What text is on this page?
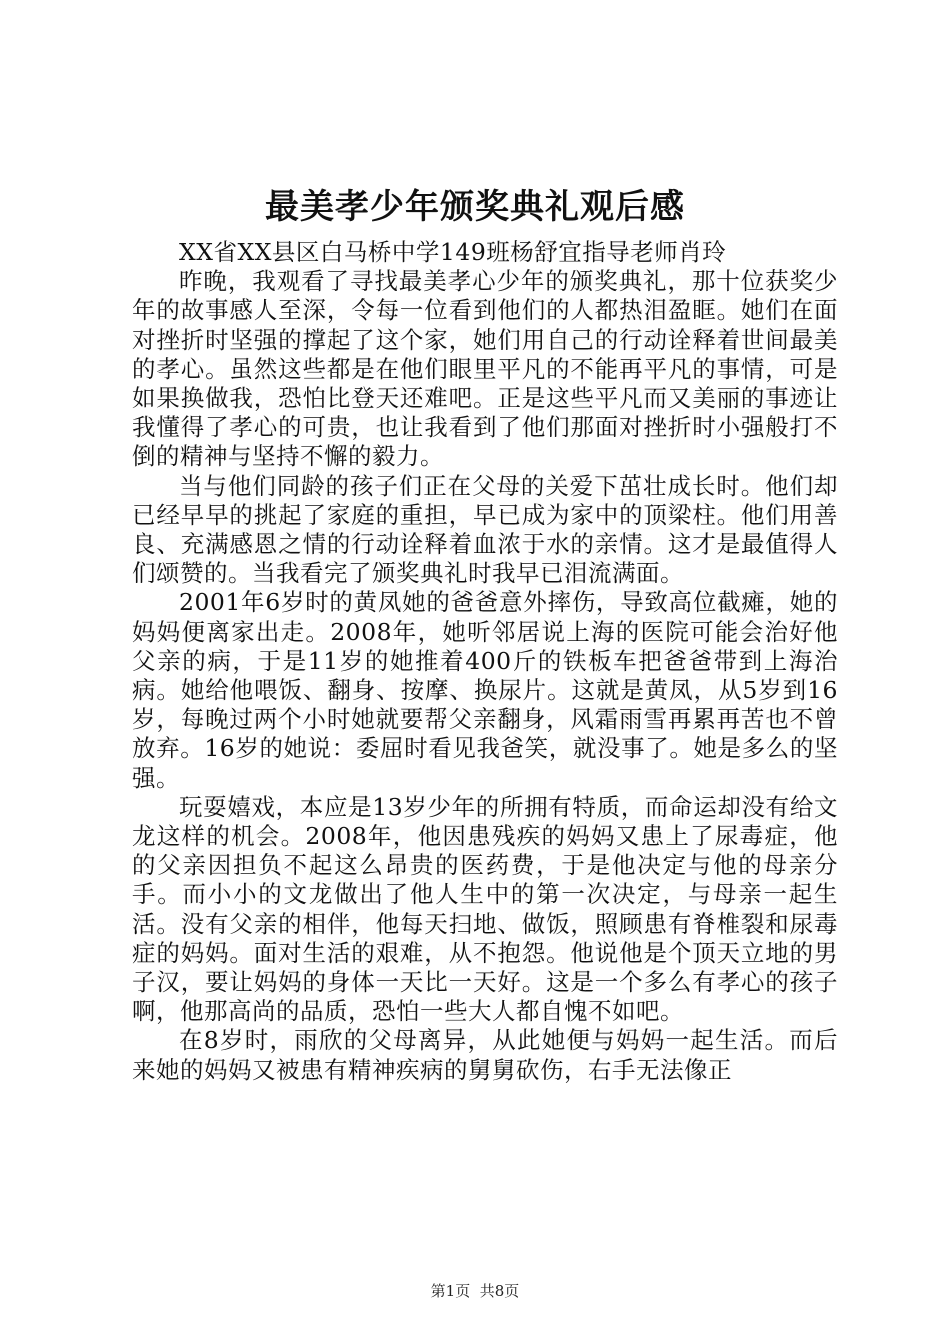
最美孝少年颁奖典礼观后感

XX省XX县区白马桥中学149班杨舒宜指导老师肖玲

昨晚，我观看了寻找最美孝心少年的颁奖典礼，那十位获奖少年的故事感人至深，令每一位看到他们的人都热泪盈眶。她们在面对挫折时坚强的撑起了这个家，她们用自己的行动诠释着世间最美的孝心。虽然这些都是在他们眼里平凡的不能再平凡的事情，可是如果换做我，恐怕比登天还难吧。正是这些平凡而又美丽的事迹让我懂得了孝心的可贵，也让我看到了他们那面对挫折时小强般打不倒的精神与坚持不懈的毅力。

当与他们同龄的孩子们正在父母的关爱下茁壮成长时。他们却已经早早的挑起了家庭的重担，早已成为家中的顶梁柱。他们用善良、充满感恩之情的行动诠释着血浓于水的亲情。这才是最值得人们颂赞的。当我看完了颁奖典礼时我早已泪流满面。

2001年6岁时的黄凤她的爸爸意外摔伤，导致高位截瘫，她的妈妈便离家出走。2008年，她听邻居说上海的医院可能会治好他父亲的病，于是11岁的她推着400斤的铁板车把爸爸带到上海治病。她给他喂饭、翻身、按摩、换尿片。这就是黄凤，从5岁到16岁，每晚过两个小时她就要帮父亲翻身，风霜雨雪再累再苦也不曾放弃。16岁的她说：委屈时看见我爸笑，就没事了。她是多么的坚强。

玩耍嬉戏，本应是13岁少年的所拥有特质，而命运却没有给文龙这样的机会。2008年，他因患残疾的妈妈又患上了尿毒症，他的父亲因担负不起这么昂贵的医药费，于是他决定与他的母亲分手。而小小的文龙做出了他人生中的第一次决定，与母亲一起生活。没有父亲的相伴，他每天扫地、做饭，照顾患有脊椎裂和尿毒症的妈妈。面对生活的艰难，从不抱怨。他说他是个顶天立地的男子汉，要让妈妈的身体一天比一天好。这是一个多么有孝心的孩子啊，他那高尚的品质，恐怕一些大人都自愧不如吧。

在8岁时，雨欣的父母离异，从此她便与妈妈一起生活。而后来她的妈妈又被患有精神疾病的舅舅砍伤，右手无法像正

第1页 共8页
